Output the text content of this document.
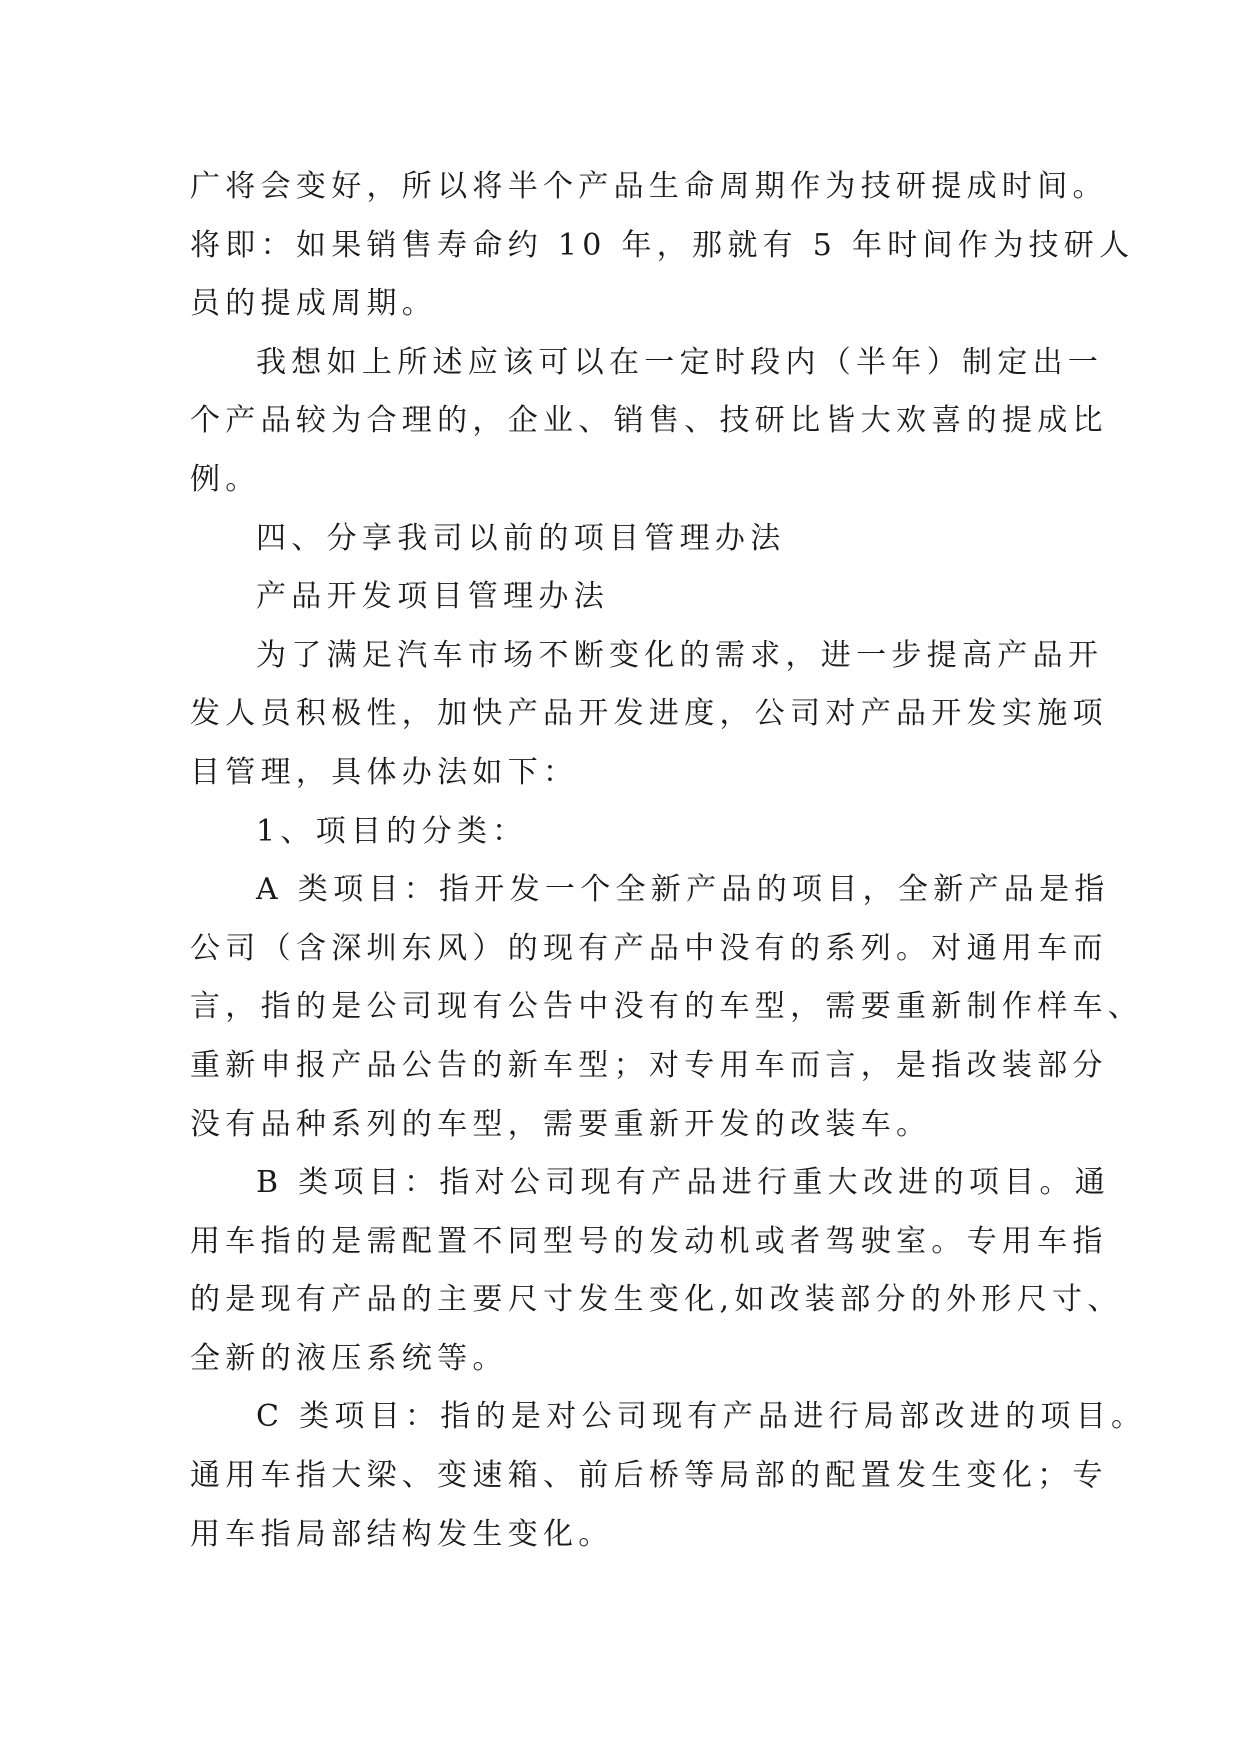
广将会变好，所以将半个产品生命周期作为技研提成时间。
将即：如果销售寿命约 10 年，那就有 5 年时间作为技研人
员的提成周期。
我想如上所述应该可以在一定时段内（半年）制定出一
个产品较为合理的，企业、销售、技研比皆大欢喜的提成比
例。
四、分享我司以前的项目管理办法
产品开发项目管理办法
为了满足汽车市场不断变化的需求，进一步提高产品开
发人员积极性，加快产品开发进度，公司对产品开发实施项
目管理，具体办法如下：
1、项目的分类：
A 类项目：指开发一个全新产品的项目，全新产品是指
公司（含深圳东风）的现有产品中没有的系列。对通用车而
言，指的是公司现有公告中没有的车型，需要重新制作样车、
重新申报产品公告的新车型；对专用车而言，是指改装部分
没有品种系列的车型，需要重新开发的改装车。
B 类项目：指对公司现有产品进行重大改进的项目。通
用车指的是需配置不同型号的发动机或者驾驶室。专用车指
的是现有产品的主要尺寸发生变化,如改装部分的外形尺寸、
全新的液压系统等。
C 类项目：指的是对公司现有产品进行局部改进的项目。
通用车指大梁、变速箱、前后桥等局部的配置发生变化；专
用车指局部结构发生变化。
